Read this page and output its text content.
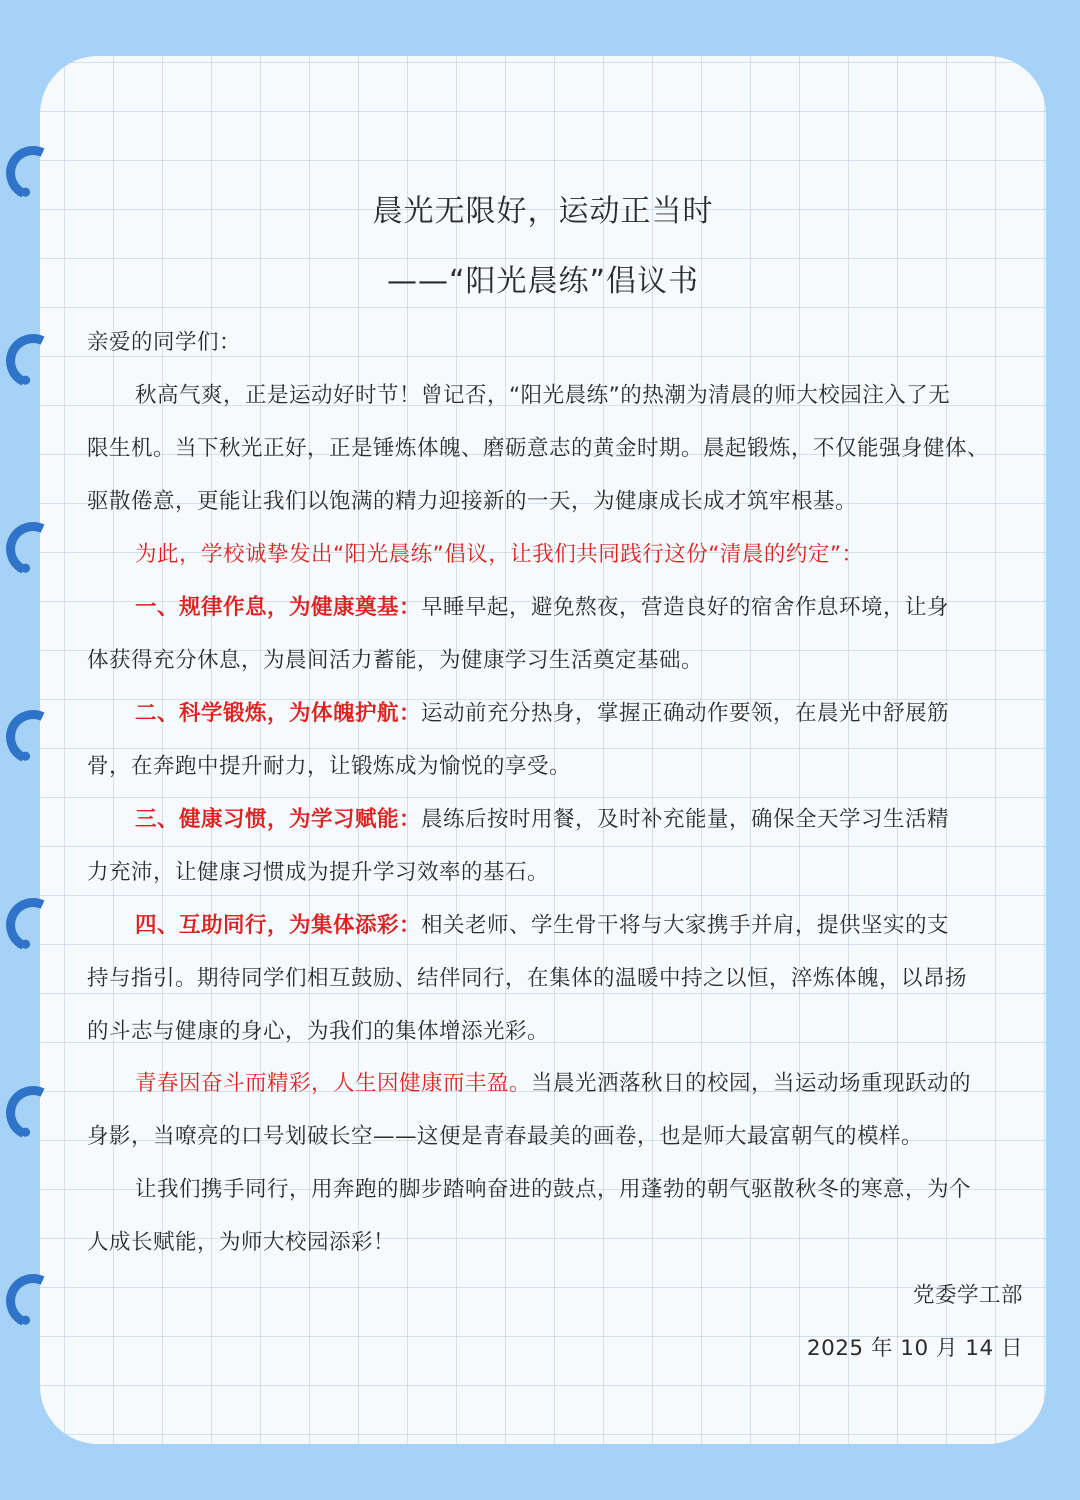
晨光无限好，运动正当时
——“阳光晨练”倡议书
亲爱的同学们：
秋高气爽，正是运动好时节！曾记否，“阳光晨练”的热潮为清晨的师大校园注入了无
限生机。当下秋光正好，正是锤炼体魄、磨砺意志的黄金时期。晨起锻炼，不仅能强身健体、
驱散倦意，更能让我们以饱满的精力迎接新的一天，为健康成长成才筑牢根基。
为此，学校诚挚发出“阳光晨练”倡议，让我们共同践行这份“清晨的约定”：
一、规律作息，为健康奠基：早睡早起，避免熬夜，营造良好的宿舍作息环境，让身
体获得充分休息，为晨间活力蓄能，为健康学习生活奠定基础。
二、科学锻炼，为体魄护航：运动前充分热身，掌握正确动作要领，在晨光中舒展筋
骨，在奔跑中提升耐力，让锻炼成为愉悦的享受。
三、健康习惯，为学习赋能：晨练后按时用餐，及时补充能量，确保全天学习生活精
力充沛，让健康习惯成为提升学习效率的基石。
四、互助同行，为集体添彩：相关老师、学生骨干将与大家携手并肩，提供坚实的支
持与指引。期待同学们相互鼓励、结伴同行，在集体的温暖中持之以恒，淬炼体魄，以昂扬
的斗志与健康的身心，为我们的集体增添光彩。
青春因奋斗而精彩，人生因健康而丰盈。当晨光洒落秋日的校园，当运动场重现跃动的
身影，当嘹亮的口号划破长空——这便是青春最美的画卷，也是师大最富朝气的模样。
让我们携手同行，用奔跑的脚步踏响奋进的鼓点，用蓬勃的朝气驱散秋冬的寒意，为个
人成长赋能，为师大校园添彩！
党委学工部
2025 年 10 月 14 日
